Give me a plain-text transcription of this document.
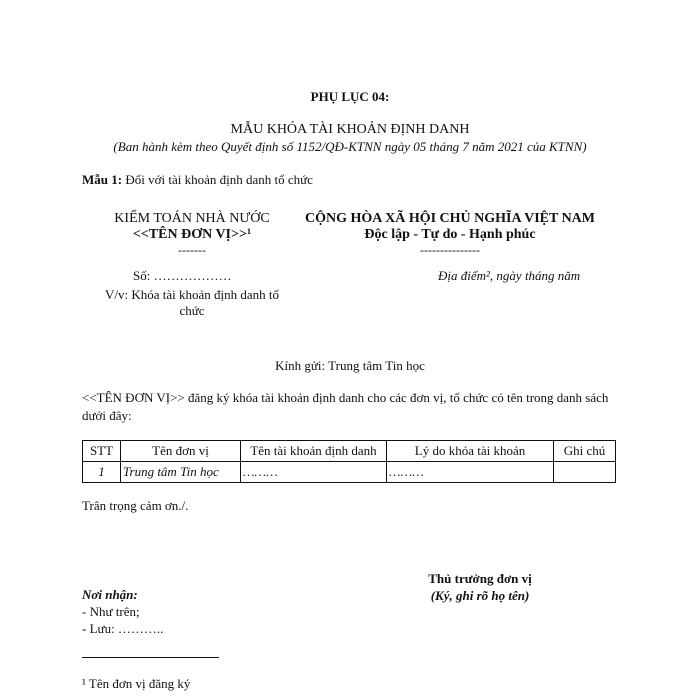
PHỤ LỤC 04:
MẪU KHÓA TÀI KHOẢN ĐỊNH DANH
(Ban hành kèm theo Quyết định số 1152/QĐ-KTNN ngày 05 tháng 7 năm 2021 của KTNN)
Mẫu 1: Đối với tài khoản định danh tổ chức
KIỂM TOÁN NHÀ NƯỚC
<<TÊN ĐƠN VỊ>>¹
-------
CỘNG HÒA XÃ HỘI CHỦ NGHĨA VIỆT NAM
Độc lập - Tự do - Hạnh phúc
---------------
Số: ………………	Địa điểm², ngày tháng năm
V/v: Khóa tài khoản định danh tổ
chức
Kính gửi: Trung tâm Tin học
<<TÊN ĐƠN VỊ>> đăng ký khóa tài khoản định danh cho các đơn vị, tổ chức có tên trong danh sách dưới đây:
STT	Tên đơn vị	Tên tài khoản định danh	Lý do khóa tài khoản	Ghi chú
1	Trung tâm Tin học	………	………	
Trân trọng cảm ơn./.
Thủ trưởng đơn vị
(Ký, ghi rõ họ tên)
Nơi nhận:
- Như trên;
- Lưu: ………..
¹ Tên đơn vị đăng ký
